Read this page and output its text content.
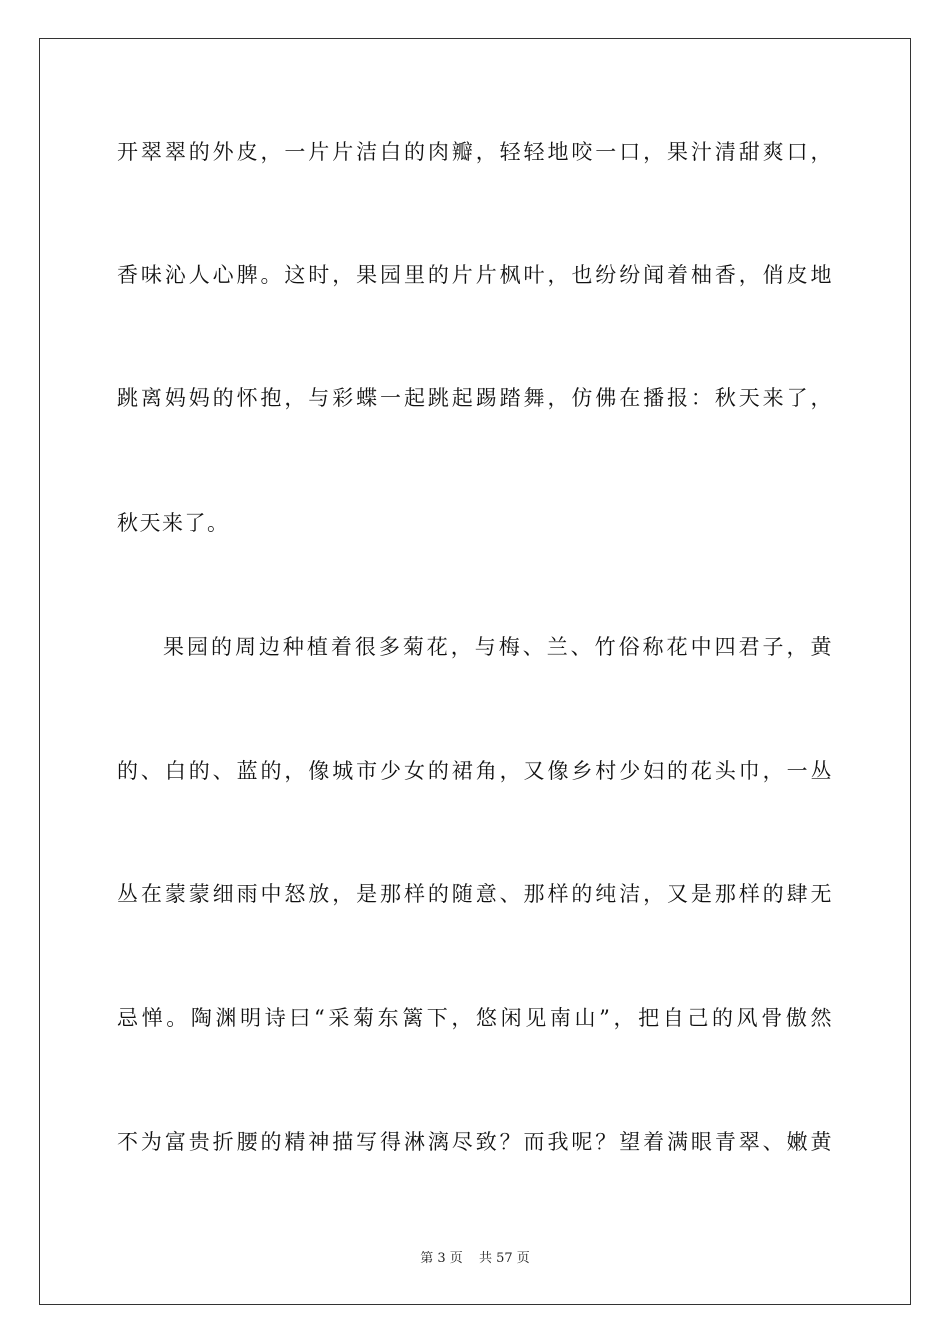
开翠翠的外皮，一片片洁白的肉瓣，轻轻地咬一口，果汁清甜爽口，
香味沁人心脾。这时，果园里的片片枫叶，也纷纷闻着柚香，俏皮地
跳离妈妈的怀抱，与彩蝶一起跳起踢踏舞，仿佛在播报：秋天来了，
秋天来了。
果园的周边种植着很多菊花，与梅、兰、竹俗称花中四君子，黄
的、白的、蓝的，像城市少女的裙角，又像乡村少妇的花头巾，一丛
丛在蒙蒙细雨中怒放，是那样的随意、那样的纯洁，又是那样的肆无
忌惮。陶渊明诗曰“采菊东篱下，悠闲见南山”，把自己的风骨傲然
不为富贵折腰的精神描写得淋漓尽致？而我呢？望着满眼青翠、嫩黄
第 3 页 共 57 页
